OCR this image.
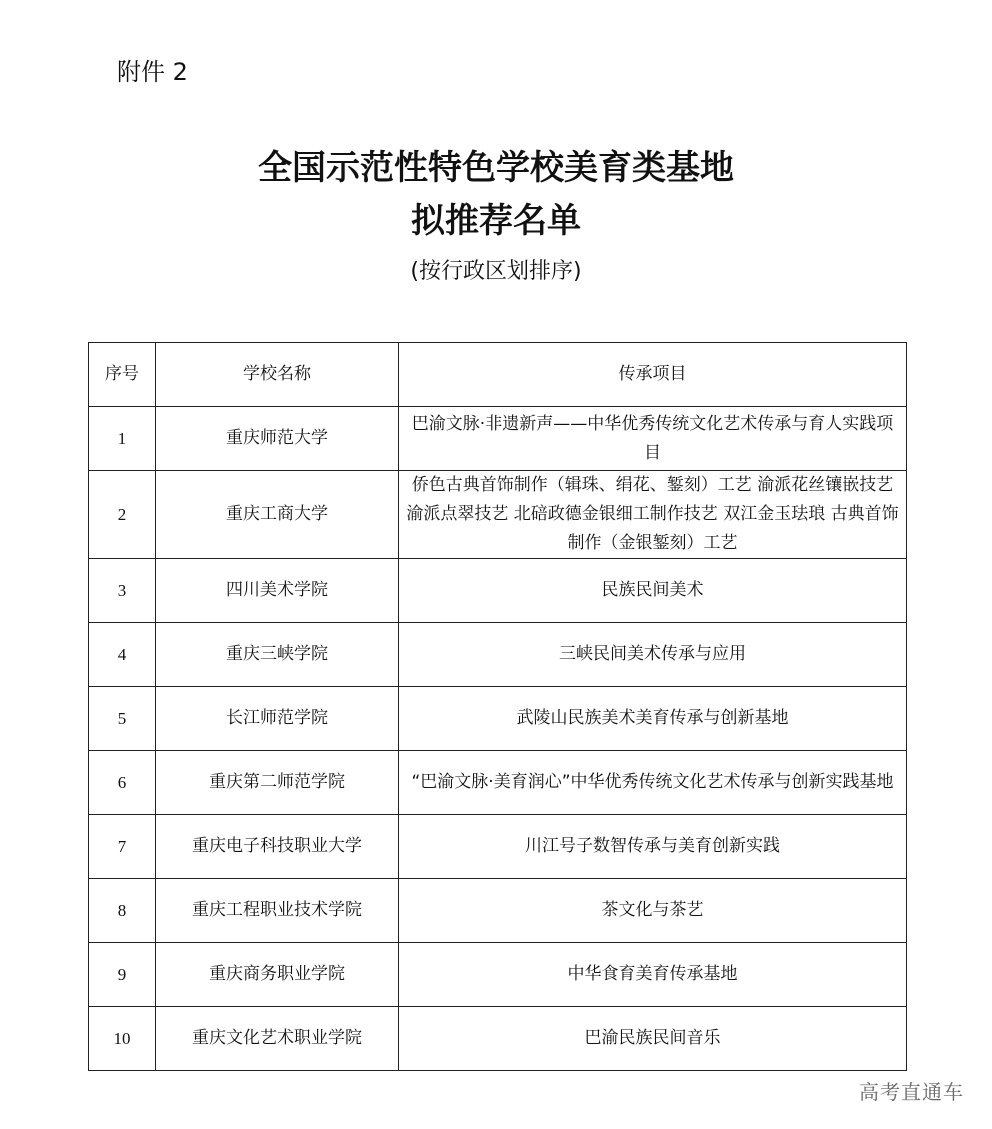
附件 2
全国示范性特色学校美育类基地
拟推荐名单
(按行政区划排序)
序号	学校名称	传承项目
1	重庆师范大学	巴渝文脉·非遗新声——中华优秀传统文化艺术传承与育人实践项目
2	重庆工商大学	侨色古典首饰制作（辑珠、绢花、錾刻）工艺 渝派花丝镶嵌技艺 渝派点翠技艺 北碚政德金银细工制作技艺 双江金玉珐琅 古典首饰制作（金银錾刻）工艺
3	四川美术学院	民族民间美术
4	重庆三峡学院	三峡民间美术传承与应用
5	长江师范学院	武陵山民族美术美育传承与创新基地
6	重庆第二师范学院	“巴渝文脉·美育润心”中华优秀传统文化艺术传承与创新实践基地
7	重庆电子科技职业大学	川江号子数智传承与美育创新实践
8	重庆工程职业技术学院	茶文化与茶艺
9	重庆商务职业学院	中华食育美育传承基地
10	重庆文化艺术职业学院	巴渝民族民间音乐
高考直通车
